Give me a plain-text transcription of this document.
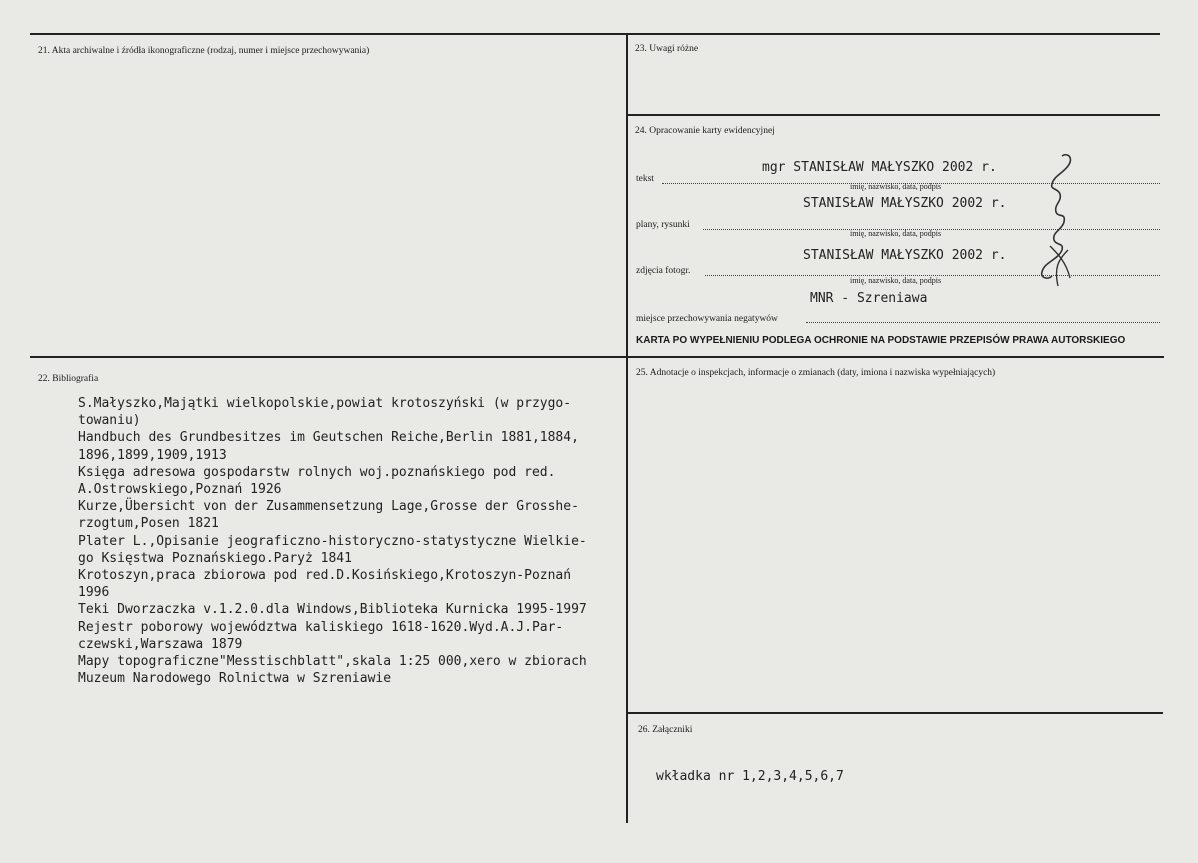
21. Akta archiwalne i źródła ikonograficzne (rodzaj, numer i miejsce przechowywania)	23. Uwagi różne
24. Opracowanie karty ewidencyjnej
mgr STANISŁAW MAŁYSZKO 2002 r.
tekst
imię, nazwisko, data, podpis
STANISŁAW MAŁYSZKO 2002 r.
plany, rysunki
imię, nazwisko, data, podpis
STANISŁAW MAŁYSZKO 2002 r.
zdjęcia fotogr.
imię, nazwisko, data, podpis
MNR - Szreniawa
miejsce przechowywania negatywów
KARTA PO WYPEŁNIENIU PODLEGA OCHRONIE NA PODSTAWIE PRZEPISÓW PRAWA AUTORSKIEGO
22. Bibliografia
S.Małyszko,Majątki wielkopolskie,powiat krotoszyński (w przygo-
towaniu)
Handbuch des Grundbesitzes im Geutschen Reiche,Berlin 1881,1884,
1896,1899,1909,1913
Księga adresowa gospodarstw rolnych woj.poznańskiego pod red.
A.Ostrowskiego,Poznań 1926
Kurze,Übersicht von der Zusammensetzung Lage,Grosse der Grosshe-
rzogtum,Posen 1821
Plater L.,Opisanie jeograficzno-historyczno-statystyczne Wielkie-
go Księstwa Poznańskiego.Paryż 1841
Krotoszyn,praca zbiorowa pod red.D.Kosińskiego,Krotoszyn-Poznań
1996
Teki Dworzaczka v.1.2.0.dla Windows,Biblioteka Kurnicka 1995-1997
Rejestr poborowy województwa kaliskiego 1618-1620.Wyd.A.J.Par-
czewski,Warszawa 1879
Mapy topograficzne"Messtischblatt",skala 1:25 000,xero w zbiorach
Muzeum Narodowego Rolnictwa w Szreniawie
25. Adnotacje o inspekcjach, informacje o zmianach (daty, imiona i nazwiska wypełniających)
26. Załączniki
wkładka nr 1,2,3,4,5,6,7
